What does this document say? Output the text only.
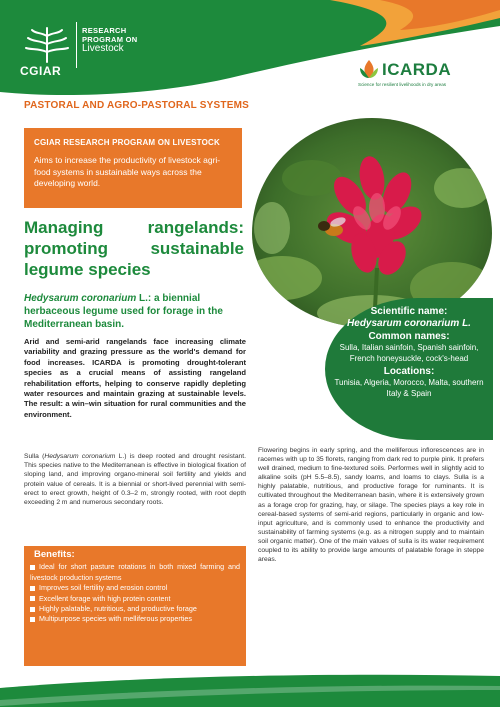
CGIAR
RESEARCH
PROGRAM ON
Livestock
ICARDA
Science for resilient livelihoods in dry areas
PASTORAL AND AGRO-PASTORAL SYSTEMS
CGIAR RESEARCH PROGRAM ON LIVESTOCK
Aims to increase the productivity of livestock agri-food systems in sustainable ways across the developing world.
Managing rangelands: promoting sustainable legume species
Hedysarum coronarium L.: a biennial herbaceous legume used for forage in the Mediterranean basin.
Arid and semi-arid rangelands face increasing climate variability and grazing pressure as the world's demand for food increases. ICARDA is promoting drought-tolerant species as a crucial means of assisting rangeland rehabilitation efforts, helping to conserve rapidly depleting water resources and maintain grazing at sustainable levels. The result: a win–win situation for rural communities and the environment.
Sulla (Hedysarum coronarium L.) is deep rooted and drought resistant. This species native to the Mediterranean is effective in biological fixation of sloping land, and improving organo-mineral soil fertility and yields and protein value of cereals. It is a biennial or short-lived perennial with semi-erect to erect growth, height of 0.3–2 m, strongly rooted, with root depth exceeding 2 m and numerous secondary roots.
Benefits:
Ideal for short pasture rotations in both mixed farming and livestock production systems
Improves soil fertility and erosion control
Excellent forage with high protein content
Highly palatable, nutritious, and productive forage
Multipurpose species with melliferous properties
Scientific name:
Hedysarum coronarium L.
Common names:
Sulla, Italian sainfoin, Spanish sainfoin, French honeysuckle, cock's-head
Locations:
Tunisia, Algeria, Morocco, Malta, southern Italy & Spain
Flowering begins in early spring, and the melliferous inflorescences are in racemes with up to 35 florets, ranging from dark red to purple pink. It prefers well drained, medium to fine-textured soils. Performes well in slightly acid to alkaline soils (pH 5.5–8.5), sandy loams, and loams to clays. Sulla is a highly palatable, nutritious, and productive forage for ruminants. It is cultivated throughout the Mediterranean basin, where it is extensively grown as a forage crop for grazing, hay, or silage. The species plays a key role in cereal-based systems of semi-arid regions, particularly in organic and low-input agriculture, and is commonly used to enhance the productivity and sustainability of farming systems (e.g. as a nitrogen supply and to maintain soil organic matter). One of the main values of sulla is its water requirement coupled to its ability to provide large amounts of palatable forage in steppe areas.
